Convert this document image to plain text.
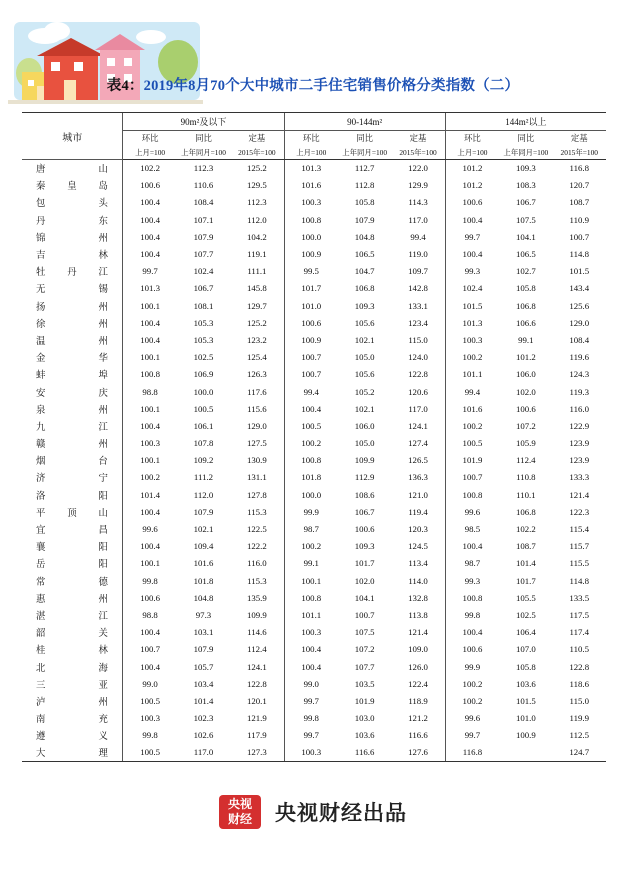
表4：2019年8月70个大中城市二手住宅销售价格分类指数（二）
城市	90m²及以下			90-144m²			144m²以上		
	环比	同比	定基	环比	同比	定基	环比	同比	定基
	上月=100	上年同月=100	2015年=100	上月=100	上年同月=100	2015年=100	上月=100	上年同月=100	2015年=100
唐山	102.2	112.3	125.2	101.3	112.7	122.0	101.2	109.3	116.8
秦皇岛	100.6	110.6	129.5	101.6	112.8	129.9	101.2	108.3	120.7
包头	100.4	108.4	112.3	100.3	105.8	114.3	100.6	106.7	108.7
丹东	100.4	107.1	112.0	100.8	107.9	117.0	100.4	107.5	110.9
锦州	100.4	107.9	104.2	100.0	104.8	99.4	99.7	104.1	100.7
吉林	100.4	107.7	119.1	100.9	106.5	119.0	100.4	106.5	114.8
牡丹江	99.7	102.4	111.1	99.5	104.7	109.7	99.3	102.7	101.5
无锡	101.3	106.7	145.8	101.7	106.8	142.8	102.4	105.8	143.4
扬州	100.1	108.1	129.7	101.0	109.3	133.1	101.5	106.8	125.6
徐州	100.4	105.3	125.2	100.6	105.6	123.4	101.3	106.6	129.0
温州	100.4	105.3	123.2	100.9	102.1	115.0	100.3	99.1	108.4
金华	100.1	102.5	125.4	100.7	105.0	124.0	100.2	101.2	119.6
蚌埠	100.8	106.9	126.3	100.7	105.6	122.8	101.1	106.0	124.3
安庆	98.8	100.0	117.6	99.4	105.2	120.6	99.4	102.0	119.3
泉州	100.1	100.5	115.6	100.4	102.1	117.0	101.6	100.6	116.0
九江	100.4	106.1	129.0	100.5	106.0	124.1	100.2	107.2	122.9
赣州	100.3	107.8	127.5	100.2	105.0	127.4	100.5	105.9	123.9
烟台	100.1	109.2	130.9	100.8	109.9	126.5	101.9	112.4	123.9
济宁	100.2	111.2	131.1	101.8	112.9	136.3	100.7	110.8	133.3
洛阳	101.4	112.0	127.8	100.0	108.6	121.0	100.8	110.1	121.4
平顶山	100.4	107.9	115.3	99.9	106.7	119.4	99.6	106.8	122.3
宜昌	99.6	102.1	122.5	98.7	100.6	120.3	98.5	102.2	115.4
襄阳	100.4	109.4	122.2	100.2	109.3	124.5	100.4	108.7	115.7
岳阳	100.1	101.6	116.0	99.1	101.7	113.4	98.7	101.4	115.5
常德	99.8	101.8	115.3	100.1	102.0	114.0	99.3	101.7	114.8
惠州	100.6	104.8	135.9	100.8	104.1	132.8	100.8	105.5	133.5
湛江	98.8	97.3	109.9	101.1	100.7	113.8	99.8	102.5	117.5
韶关	100.4	103.1	114.6	100.3	107.5	121.4	100.4	106.4	117.4
桂林	100.7	107.9	112.4	100.4	107.2	109.0	100.6	107.0	110.5
北海	100.4	105.7	124.1	100.4	107.7	126.0	99.9	105.8	122.8
三亚	99.0	103.4	122.8	99.0	103.5	122.4	100.2	103.6	118.6
泸州	100.5	101.4	120.1	99.7	101.9	118.9	100.2	101.5	115.0
南充	100.3	102.3	121.9	99.8	103.0	121.2	99.6	101.0	119.9
遵义	99.8	102.6	117.9	99.7	103.6	116.6	99.7	100.9	112.5
大理	100.5	117.0	127.3	100.3	116.6	127.6	116.8		124.7
央视
财经 央视财经出品
